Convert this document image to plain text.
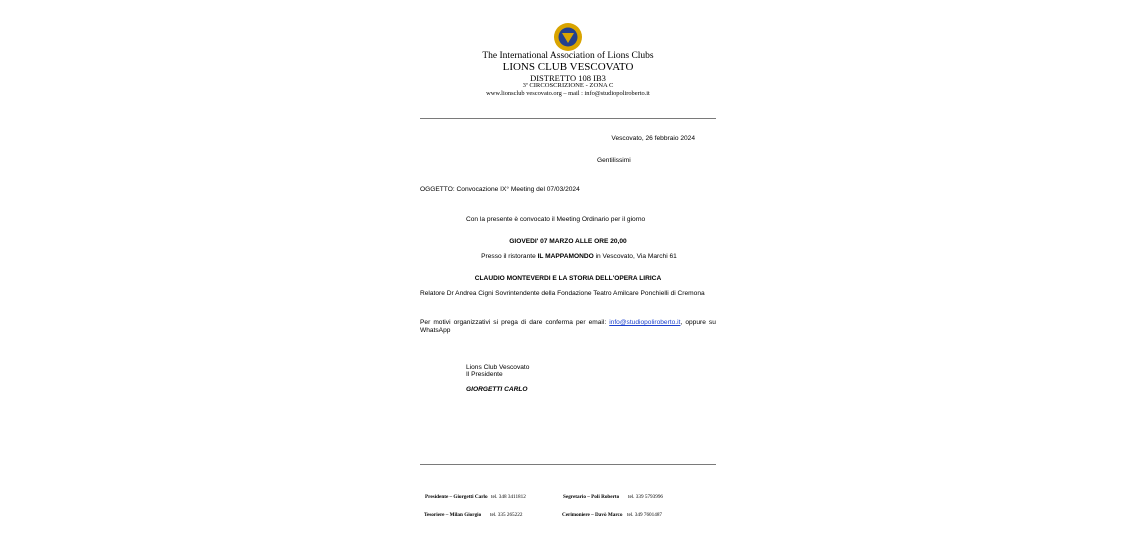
The International Association of Lions Clubs
LIONS CLUB VESCOVATO
DISTRETTO 108 IB3
3ª CIRCOSCRIZIONE - ZONA C
www.lionsclub vescovato.org – mail : info@studiopoliroberto.it
Vescovato, 26 febbraio 2024
Gentilissimi
OGGETTO: Convocazione IX° Meeting del 07/03/2024
Con la presente è convocato il Meeting Ordinario per il giorno
GIOVEDI' 07 MARZO ALLE ORE 20,00
Presso il ristorante IL MAPPAMONDO in Vescovato, Via Marchi 61
CLAUDIO MONTEVERDI E LA STORIA DELL'OPERA LIRICA
Relatore Dr Andrea Cigni Sovrintendente della Fondazione Teatro Amilcare Ponchielli di Cremona
Per motivi organizzativi si prega di dare conferma per email: info@studiopoliroberto.it, oppure su
WhatsApp
Lions Club Vescovato
Il Presidente
GIORGETTI CARLO
Presidente – Giorgetti Carlo tel. 348 3411812	Segretario – Poli Roberto tel. 339 5793996
Tesoriere – Milan Giorgio tel. 335 265222	Cerimoniere – Davò Marco tel. 349 7601487
